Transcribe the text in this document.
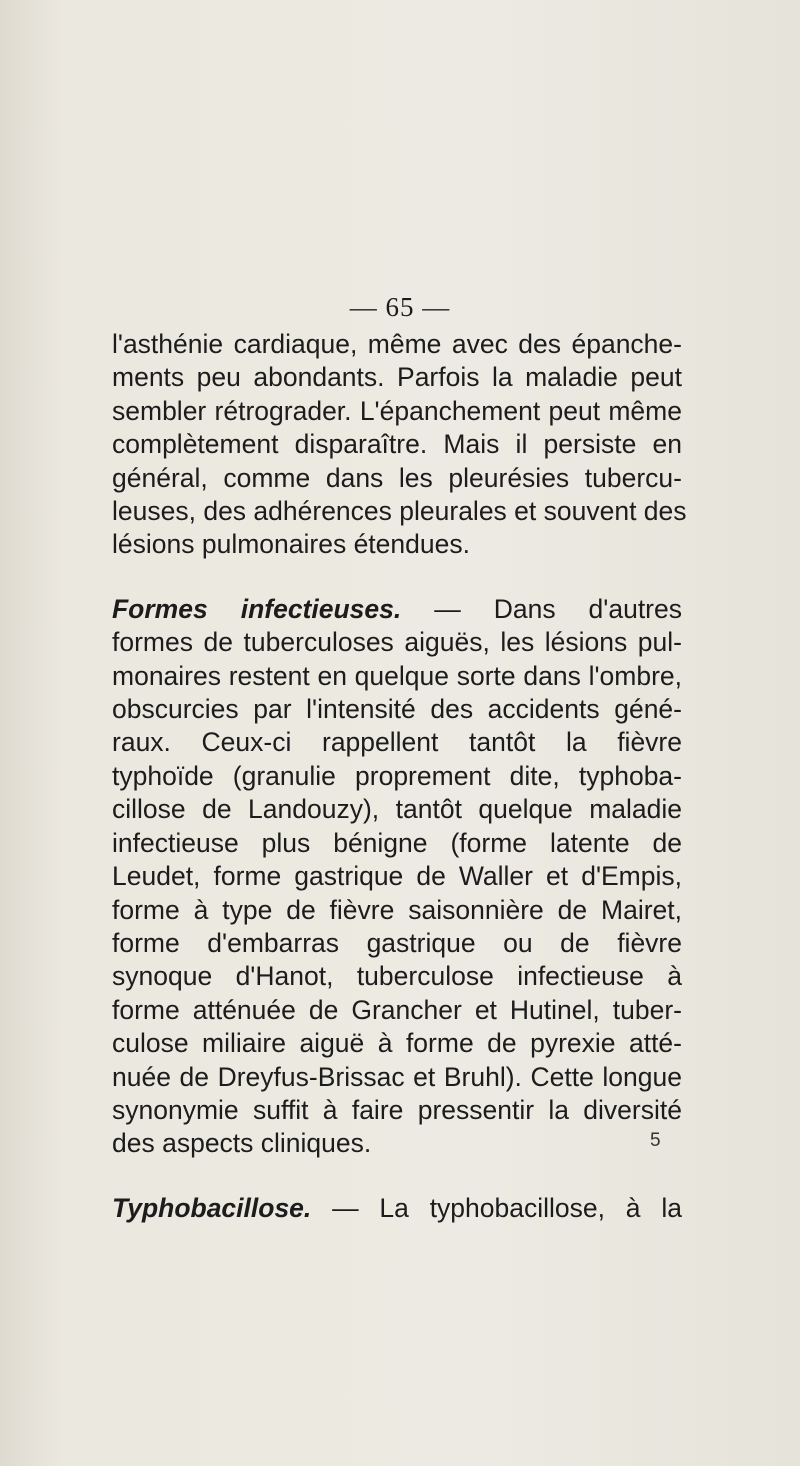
— 65 —
l'asthénie cardiaque, même avec des épanche-
ments peu abondants. Parfois la maladie peut
sembler rétrograder. L'épanchement peut même
complètement disparaître. Mais il persiste en
général, comme dans les pleurésies tubercu-
leuses, des adhérences pleurales et souvent des
lésions pulmonaires étendues.
Formes infectieuses. — Dans d'autres
formes de tuberculoses aiguës, les lésions pul-
monaires restent en quelque sorte dans l'ombre,
obscurcies par l'intensité des accidents géné-
raux. Ceux-ci rappellent tantôt la fièvre
typhoïde (granulie proprement dite, typhoba-
cillose de Landouzy), tantôt quelque maladie
infectieuse plus bénigne (forme latente de
Leudet, forme gastrique de Waller et d'Empis,
forme à type de fièvre saisonnière de Mairet,
forme d'embarras gastrique ou de fièvre
synoque d'Hanot, tuberculose infectieuse à
forme atténuée de Grancher et Hutinel, tuber-
culose miliaire aiguë à forme de pyrexie atté-
nuée de Dreyfus-Brissac et Bruhl). Cette longue
synonymie suffit à faire pressentir la diversité
des aspects cliniques.
Typhobacillose. — La typhobacillose, à la
5
